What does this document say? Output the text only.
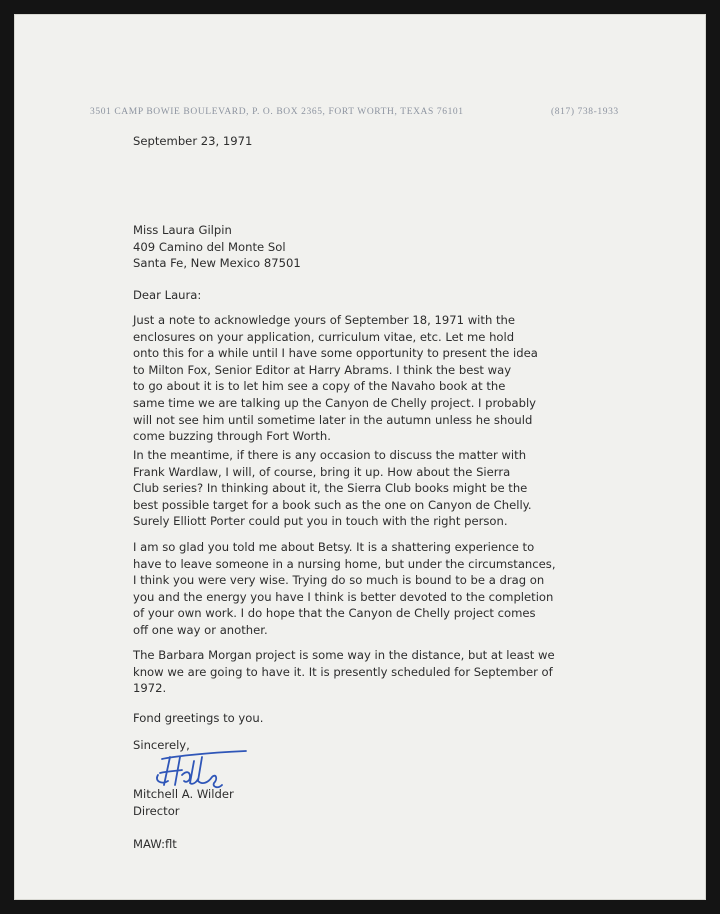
3501 CAMP BOWIE BOULEVARD, P. O. BOX 2365, FORT WORTH, TEXAS 76101	(817) 738-1933
September 23, 1971
Miss Laura Gilpin
409 Camino del Monte Sol
Santa Fe, New Mexico 87501
Dear Laura:
Just a note to acknowledge yours of September 18, 1971 with the
enclosures on your application, curriculum vitae, etc. Let me hold
onto this for a while until I have some opportunity to present the idea
to Milton Fox, Senior Editor at Harry Abrams. I think the best way
to go about it is to let him see a copy of the Navaho book at the
same time we are talking up the Canyon de Chelly project. I probably
will not see him until sometime later in the autumn unless he should
come buzzing through Fort Worth.
In the meantime, if there is any occasion to discuss the matter with
Frank Wardlaw, I will, of course, bring it up. How about the Sierra
Club series? In thinking about it, the Sierra Club books might be the
best possible target for a book such as the one on Canyon de Chelly.
Surely Elliott Porter could put you in touch with the right person.
I am so glad you told me about Betsy. It is a shattering experience to
have to leave someone in a nursing home, but under the circumstances,
I think you were very wise. Trying do so much is bound to be a drag on
you and the energy you have I think is better devoted to the completion
of your own work. I do hope that the Canyon de Chelly project comes
off one way or another.
The Barbara Morgan project is some way in the distance, but at least we
know we are going to have it. It is presently scheduled for September of
1972.
Fond greetings to you.
Sincerely,
Mitchell A. Wilder
Director
MAW:flt
